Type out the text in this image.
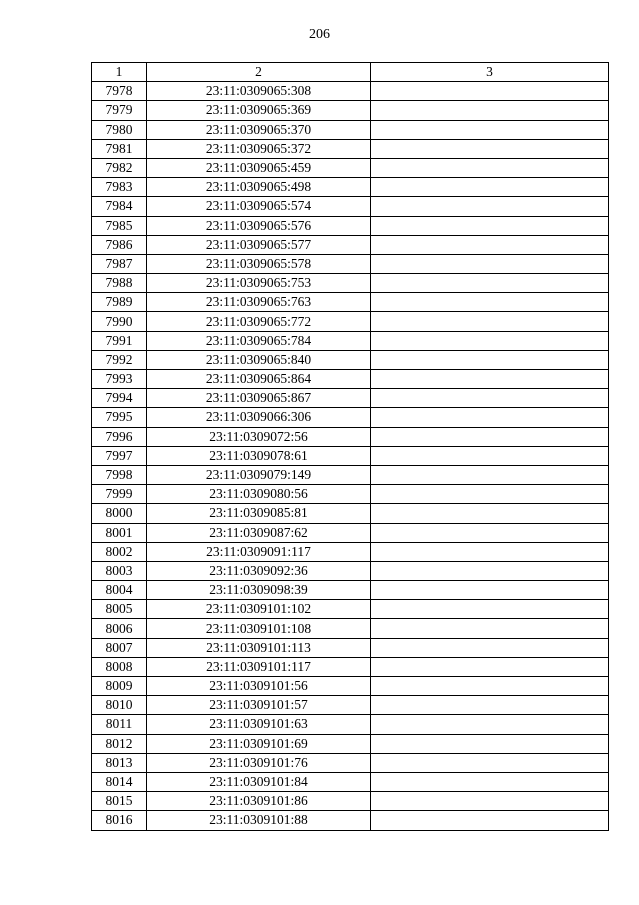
206
1	2	3
7978	23:11:0309065:308	
7979	23:11:0309065:369	
7980	23:11:0309065:370	
7981	23:11:0309065:372	
7982	23:11:0309065:459	
7983	23:11:0309065:498	
7984	23:11:0309065:574	
7985	23:11:0309065:576	
7986	23:11:0309065:577	
7987	23:11:0309065:578	
7988	23:11:0309065:753	
7989	23:11:0309065:763	
7990	23:11:0309065:772	
7991	23:11:0309065:784	
7992	23:11:0309065:840	
7993	23:11:0309065:864	
7994	23:11:0309065:867	
7995	23:11:0309066:306	
7996	23:11:0309072:56	
7997	23:11:0309078:61	
7998	23:11:0309079:149	
7999	23:11:0309080:56	
8000	23:11:0309085:81	
8001	23:11:0309087:62	
8002	23:11:0309091:117	
8003	23:11:0309092:36	
8004	23:11:0309098:39	
8005	23:11:0309101:102	
8006	23:11:0309101:108	
8007	23:11:0309101:113	
8008	23:11:0309101:117	
8009	23:11:0309101:56	
8010	23:11:0309101:57	
8011	23:11:0309101:63	
8012	23:11:0309101:69	
8013	23:11:0309101:76	
8014	23:11:0309101:84	
8015	23:11:0309101:86	
8016	23:11:0309101:88	
